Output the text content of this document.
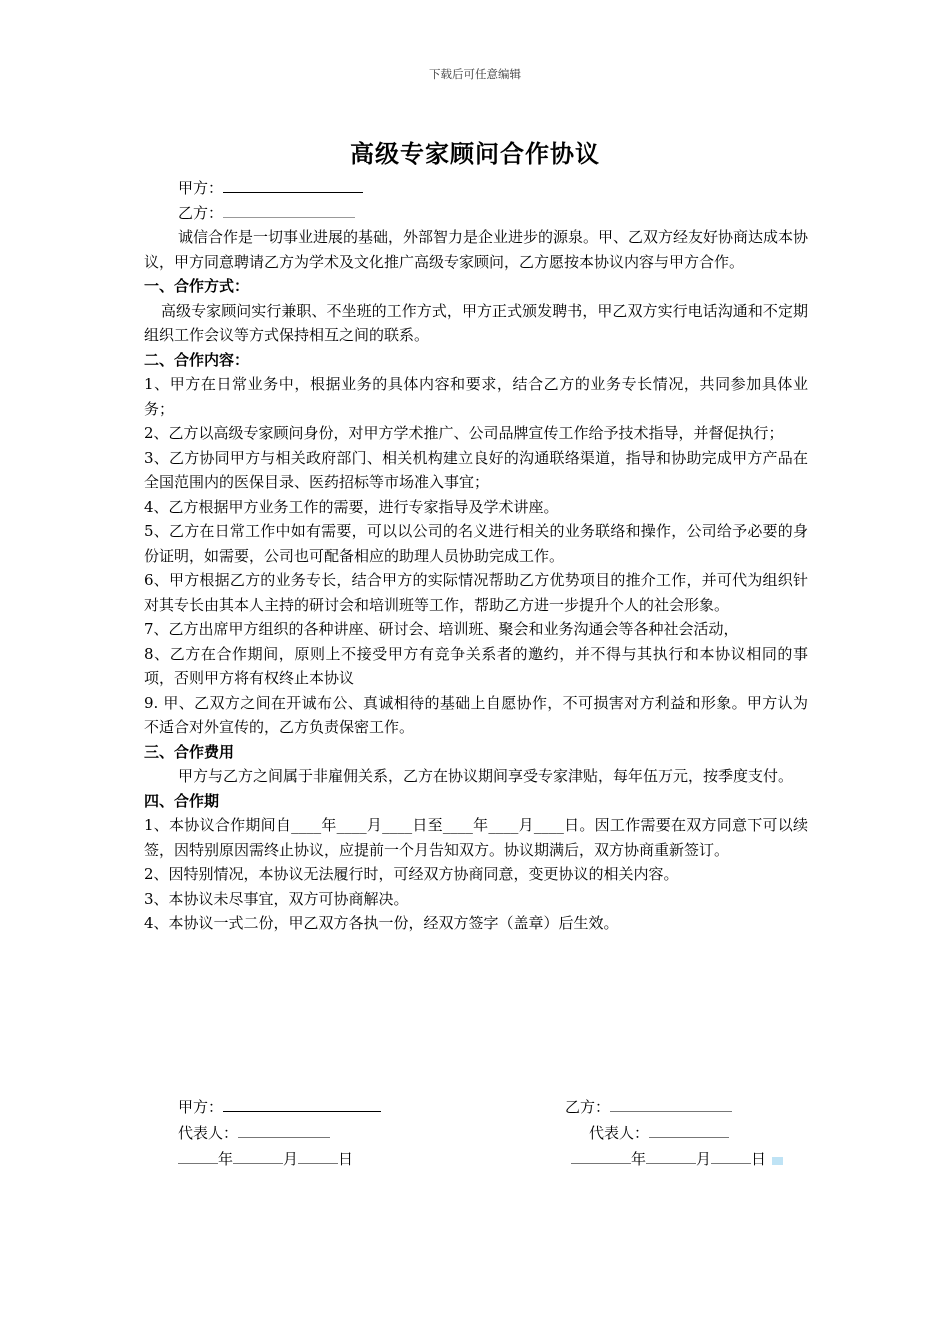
下载后可任意编辑
高级专家顾问合作协议

甲方：

乙方：

诚信合作是一切事业进展的基础，外部智力是企业进步的源泉。甲、乙双方经友好协商达成本协议，甲方同意聘请乙方为学术及文化推广高级专家顾问，乙方愿按本协议内容与甲方合作。

一、合作方式：

高级专家顾问实行兼职、不坐班的工作方式，甲方正式颁发聘书，甲乙双方实行电话沟通和不定期组织工作会议等方式保持相互之间的联系。

二、合作内容：

1、甲方在日常业务中，根据业务的具体内容和要求，结合乙方的业务专长情况，共同参加具体业务；

2、乙方以高级专家顾问身份，对甲方学术推广、公司品牌宣传工作给予技术指导，并督促执行；

3、乙方协同甲方与相关政府部门、相关机构建立良好的沟通联络渠道，指导和协助完成甲方产品在全国范围内的医保目录、医药招标等市场准入事宜；

4、乙方根据甲方业务工作的需要，进行专家指导及学术讲座。

5、乙方在日常工作中如有需要，可以以公司的名义进行相关的业务联络和操作，公司给予必要的身份证明，如需要，公司也可配备相应的助理人员协助完成工作。

6、甲方根据乙方的业务专长，结合甲方的实际情况帮助乙方优势项目的推介工作，并可代为组织针对其专长由其本人主持的研讨会和培训班等工作，帮助乙方进一步提升个人的社会形象。

7、乙方出席甲方组织的各种讲座、研讨会、培训班、聚会和业务沟通会等各种社会活动，

8、乙方在合作期间，原则上不接受甲方有竞争关系者的邀约，并不得与其执行和本协议相同的事项，否则甲方将有权终止本协议

9. 甲、乙双方之间在开诚布公、真诚相待的基础上自愿协作，不可损害对方利益和形象。甲方认为不适合对外宣传的，乙方负责保密工作。

三、合作费用

甲方与乙方之间属于非雇佣关系，乙方在协议期间享受专家津贴，每年伍万元，按季度支付。

四、合作期

1、本协议合作期间自____年____月____日至____年____月____日。因工作需要在双方同意下可以续签，因特别原因需终止协议，应提前一个月告知双方。协议期满后，双方协商重新签订。

2、因特别情况，本协议无法履行时，可经双方协商同意，变更协议的相关内容。

3、本协议未尽事宜，双方可协商解决。

4、本协议一式二份，甲乙双方各执一份，经双方签字（盖章）后生效。

甲方：	乙方：
代表人：	代表人：
年	月	日	年	月	日
